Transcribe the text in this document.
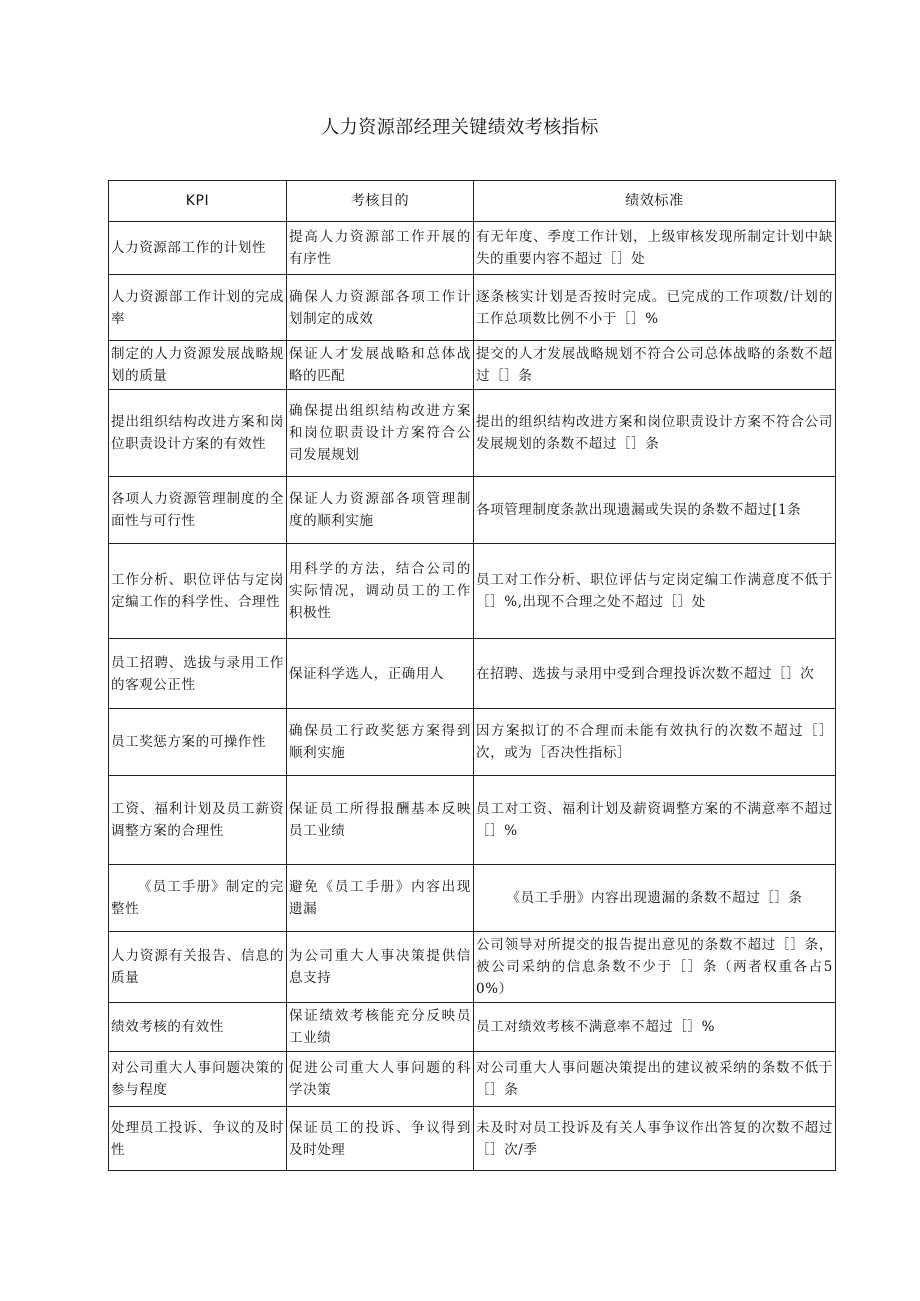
人力资源部经理关键绩效考核指标
KPI	考核目的	绩效标准
人力资源部工作的计划性	提高人力资源部工作开展的有序性	有无年度、季度工作计划，上级审核发现所制定计划中缺失的重要内容不超过［］处
人力资源部工作计划的完成率	确保人力资源部各项工作计划制定的成效	逐条核实计划是否按时完成。已完成的工作项数/计划的工作总项数比例不小于［］%
制定的人力资源发展战略规划的质量	保证人才发展战略和总体战略的匹配	提交的人才发展战略规划不符合公司总体战略的条数不超过［］条
提出组织结构改进方案和岗位职责设计方案的有效性	确保提出组织结构改进方案和岗位职责设计方案符合公司发展规划	提出的组织结构改进方案和岗位职责设计方案不符合公司发展规划的条数不超过［］条
各项人力资源管理制度的全面性与可行性	保证人力资源部各项管理制度的顺利实施	各项管理制度条款出现遗漏或失误的条数不超过[1条
工作分析、职位评估与定岗定编工作的科学性、合理性	用科学的方法，结合公司的实际情况，调动员工的工作积极性	员工对工作分析、职位评估与定岗定编工作满意度不低于［］%,出现不合理之处不超过［］处
员工招聘、选拔与录用工作的客观公正性	保证科学选人，正确用人	在招聘、选拔与录用中受到合理投诉次数不超过［］次
员工奖惩方案的可操作性	确保员工行政奖惩方案得到顺利实施	因方案拟订的不合理而未能有效执行的次数不超过［］次，或为［否决性指标］
工资、福利计划及员工薪资调整方案的合理性	保证员工所得报酬基本反映员工业绩	员工对工资、福利计划及薪资调整方案的不满意率不超过［］%
《员工手册》制定的完整性	避免《员工手册》内容出现遗漏	《员工手册》内容出现遗漏的条数不超过［］条
人力资源有关报告、信息的质量	为公司重大人事决策提供信息支持	公司领导对所提交的报告提出意见的条数不超过［］条，被公司采纳的信息条数不少于［］条（两者权重各占50%）
绩效考核的有效性	保证绩效考核能充分反映员工业绩	员工对绩效考核不满意率不超过［］%
对公司重大人事问题决策的参与程度	促进公司重大人事问题的科学决策	对公司重大人事问题决策提出的建议被采纳的条数不低于［］条
处理员工投诉、争议的及时性	保证员工的投诉、争议得到及时处理	未及时对员工投诉及有关人事争议作出答复的次数不超过［］次/季
